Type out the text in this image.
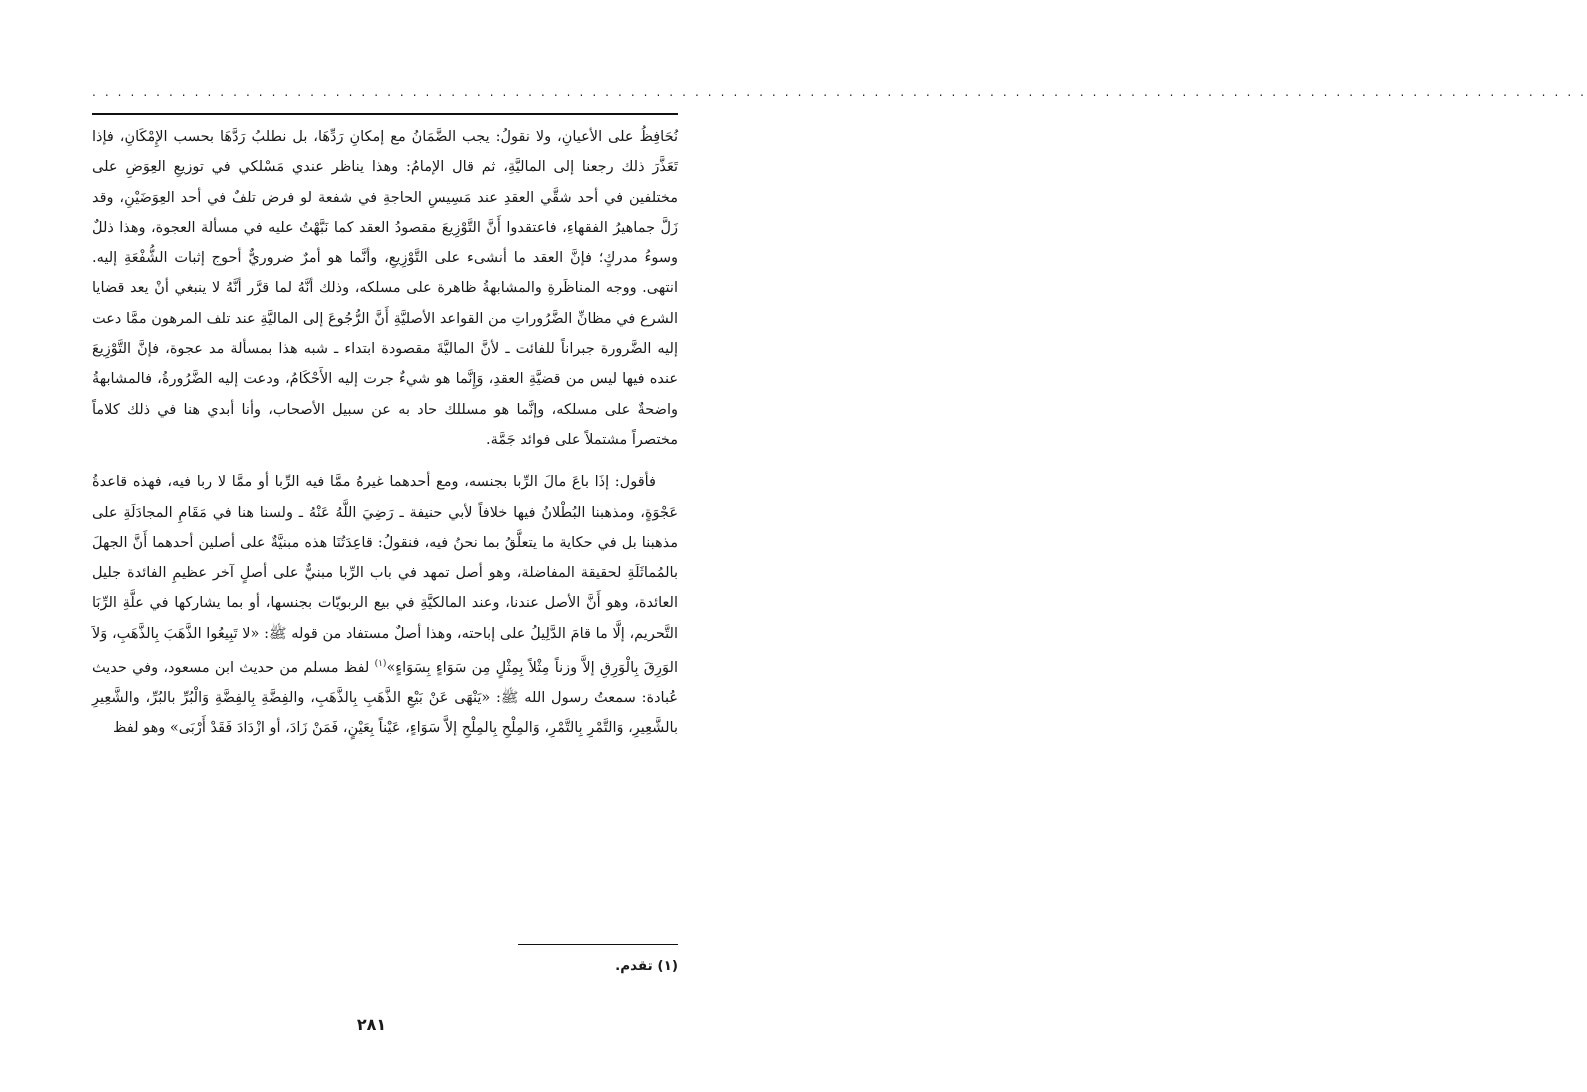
. . . . . . . . . . . . . . . . . . . . . . . . . . . . . . . . . . . . . . . . . . . . . . . . . . . . . . . . . . . . . . . . . . . . . . . . . . . . . . . . . . . . . . . . . . . . . . . . . . . . . . . . . . . . . . . . . . . . .

نُحَافِظُ على الأعيانِ، ولا نقولُ: يجب الضَّمَانُ مع إمكانِ رَدِّهَا، بل نطلبُ رَدَّهَا بحسب الإِمْكَانِ، فإذا تَعَذَّرَ ذلك رجعنا إلى الماليَّةِ، ثم قال الإمامُ: وهذا يناظر عندي مَسْلكي في توزيعِ العِوَضِ على مختلفين في أحد شقَّي العقدِ عند مَسِيسِ الحاجةِ في شفعة لو فرض تلفٌ في أحد العِوَضَيْنِ، وقد زَلَّ جماهيرُ الفقهاءِ، فاعتقدوا أَنَّ التَّوْزِيعَ مقصودُ العقد كما نَبَّهْتُ عليه في مسألة العجوة، وهذا ذللٌ وسوءُ مدركٍ؛ فإنَّ العقد ما أنشىء على التَّوْزِيعِ، وأنَّما هو أمرٌ ضروريٌّ أحوج إثبات الشُّفْعَةِ إليه. انتهى. ووجه المناظَرةِ والمشابهةُ ظاهرة على مسلكه، وذلك أنَّهُ لما قرَّر أنَّهُ لا ينبغي أنْ يعد قضايا الشرع في مظانِّ الضَّرُوراتِ من القواعد الأصليَّةِ أَنَّ الرُّجُوعَ إلى الماليَّةِ عند تلف المرهون ممَّا دعت إليه الضَّرورة جبراناً للفائت ـ لأنَّ الماليَّةَ مقصودة ابتداء ـ شبه هذا بمسألة مد عجوة، فإنَّ التَّوْزِيعَ عنده فيها ليس من قضيَّةِ العقدِ، وَإِنَّما هو شيءٌ جرت إليه الأَحْكَامُ، ودعت إليه الضَّرُورةُ، فالمشابهةُ واضحةٌ على مسلكه، وإنَّما هو مسللك حاد به عن سبيل الأصحاب، وأنا أبدي هنا في ذلك كلاماً مختصراً مشتملاً على فوائد جَمَّة.

فأقول: إذَا باعَ مالَ الرِّبا بجنسه، ومع أحدهما غيرهُ ممَّا فيه الرِّبا أو ممَّا لا ربا فيه، فهذه قاعدةُ عَجْوَةٍ، ومذهبنا البُطْلانُ فيها خلافاً لأبي حنيفة ـ رَضِيَ اللَّهُ عَنْهُ ـ ولسنا هنا في مَقَامِ المجادَلَةِ على مذهبنا بل في حكاية ما يتعلَّقُ بما نحنُ فيه، فنقولُ: قاعِدَتُنَا هذه مبنيَّةٌ على أصلين أحدهما أَنَّ الجهلَ بالمُماثَلَةِ لحقيقة المفاضلة، وهو أصل تمهد في باب الرِّبا مبنيٌّ على أصلٍ آخر عظيمِ الفائدة جليل العائدة، وهو أَنَّ الأصل عندنا، وعند المالكيَّةِ في بيع الربويّات بجنسها، أو بما يشاركها في علَّةِ الرِّبَا التَّحريم، إلَّا ما قامَ الدَّلِيلُ على إباحته، وهذا أصلٌ مستفاد من قوله ﷺ: «لا تَبِيعُوا الذَّهَبَ بِالذَّهَبِ، وَلاَ الوَرِقَ بِالْوَرِقِ إلاَّ وزناً مِثْلاً بِمِثْلٍ مِن سَوَاءٍ بِسَوَاءٍ»$^{(١)}$ لفظ مسلم من حديث ابن مسعود، وفي حديث عُبادة: سمعتُ رسول الله ﷺ: «يَنْهَى عَنْ بَيْعِ الذَّهَبِ بِالذَّهَبِ، والفِضَّةِ بِالفِضَّةِ وَالْبُرِّ بالبُرِّ، والشَّعِيرِ بالشَّعِيرِ، وَالتَّمْرِ بِالتَّمْرِ، وَالمِلْحِ بِالمِلْحِ إلاَّ سَوَاءٍ، عَيْناً بِعَيْنٍ، فَمَنْ زَادَ، أو ازْدَادَ فَقَدْ أَرْبَى» وهو لفظ

(١) تقدم.
٢٨١
